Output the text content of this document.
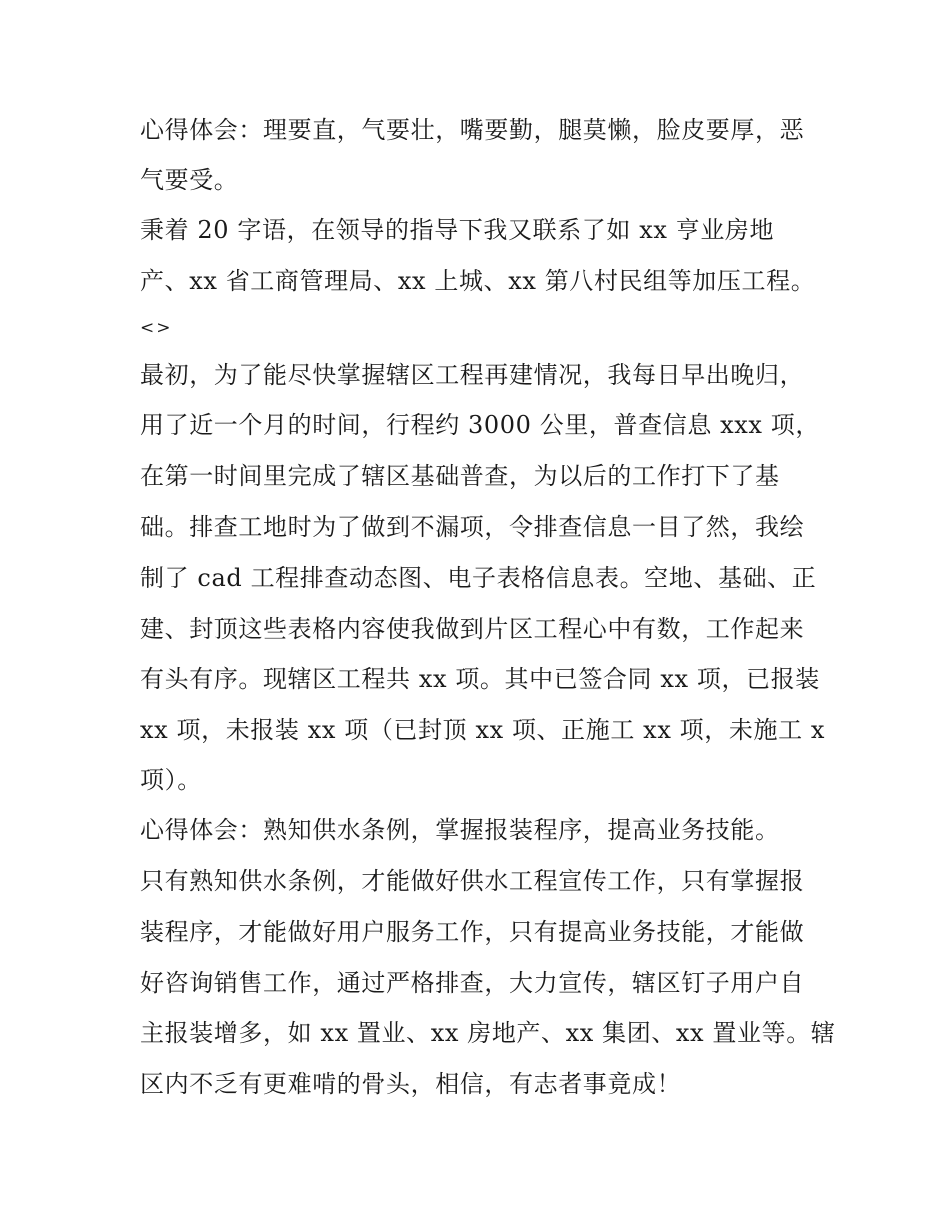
心得体会：理要直，气要壮，嘴要勤，腿莫懒，脸皮要厚，恶
气要受。
秉着 20 字语，在领导的指导下我又联系了如 xx 亨业房地
产、xx 省工商管理局、xx 上城、xx 第八村民组等加压工程。
<>
最初，为了能尽快掌握辖区工程再建情况，我每日早出晚归，
用了近一个月的时间，行程约 3000 公里，普查信息 xxx 项，
在第一时间里完成了辖区基础普查，为以后的工作打下了基
础。排查工地时为了做到不漏项，令排查信息一目了然，我绘
制了 cad 工程排查动态图、电子表格信息表。空地、基础、正
建、封顶这些表格内容使我做到片区工程心中有数，工作起来
有头有序。现辖区工程共 xx 项。其中已签合同 xx 项，已报装
xx 项，未报装 xx 项（已封顶 xx 项、正施工 xx 项，未施工 x
项）。
心得体会：熟知供水条例，掌握报装程序，提高业务技能。
只有熟知供水条例，才能做好供水工程宣传工作，只有掌握报
装程序，才能做好用户服务工作，只有提高业务技能，才能做
好咨询销售工作，通过严格排查，大力宣传，辖区钉子用户自
主报装增多，如 xx 置业、xx 房地产、xx 集团、xx 置业等。辖
区内不乏有更难啃的骨头，相信，有志者事竟成！
